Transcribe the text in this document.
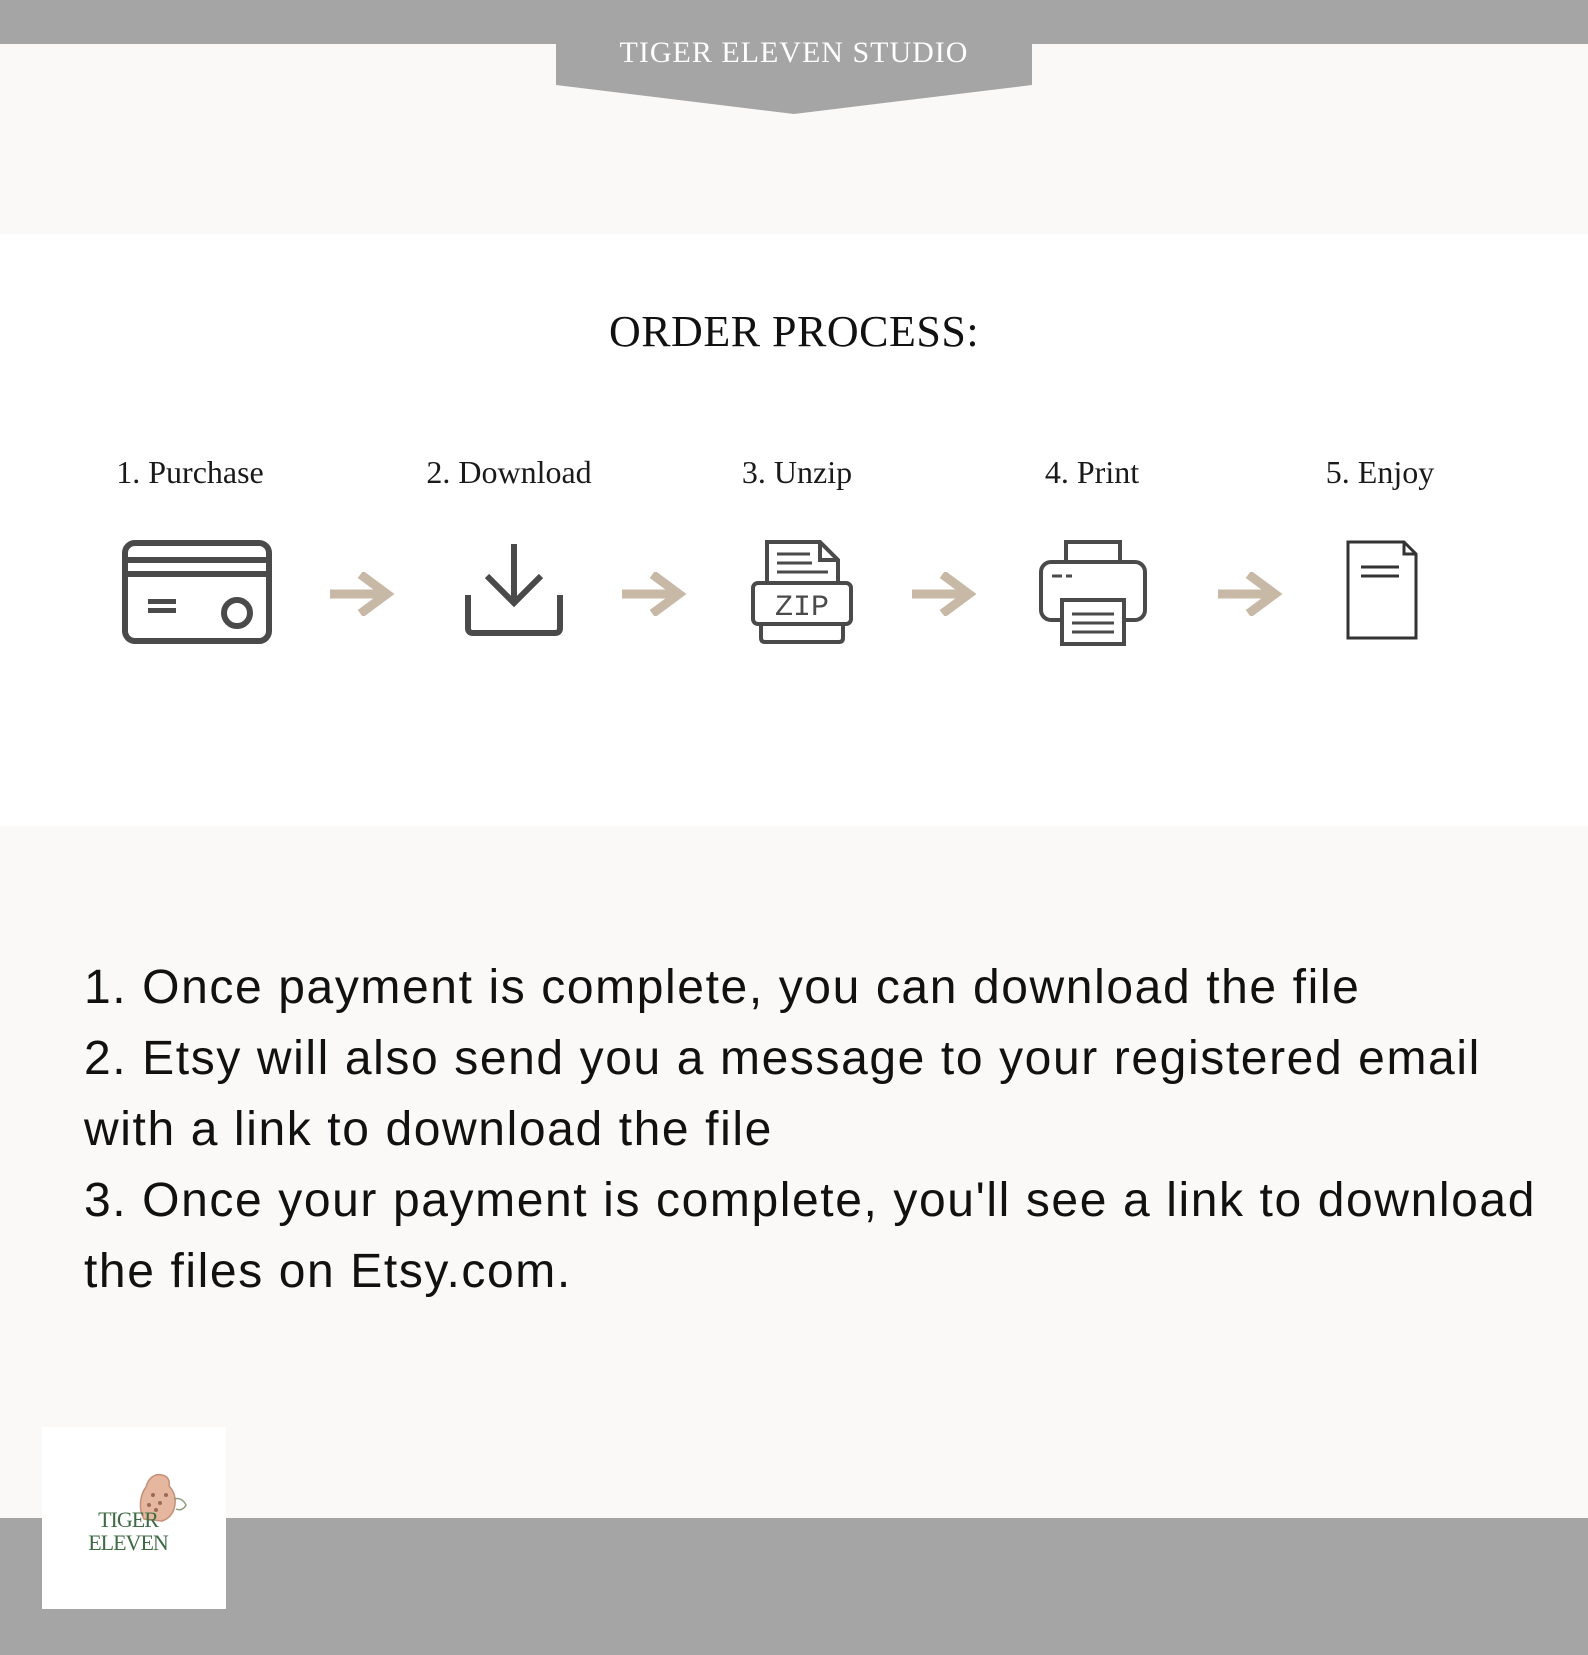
TIGER ELEVEN STUDIO
ORDER PROCESS:
1. Purchase	2. Download	3. Unzip	4. Print	5. Enjoy
ZIP

1. Once payment is complete, you can download the file

2. Etsy will also send you a message to your registered email with a link to download the file

3. Once your payment is complete, you'll see a link to download the files on Etsy.com.

TIGER
ELEVEN
